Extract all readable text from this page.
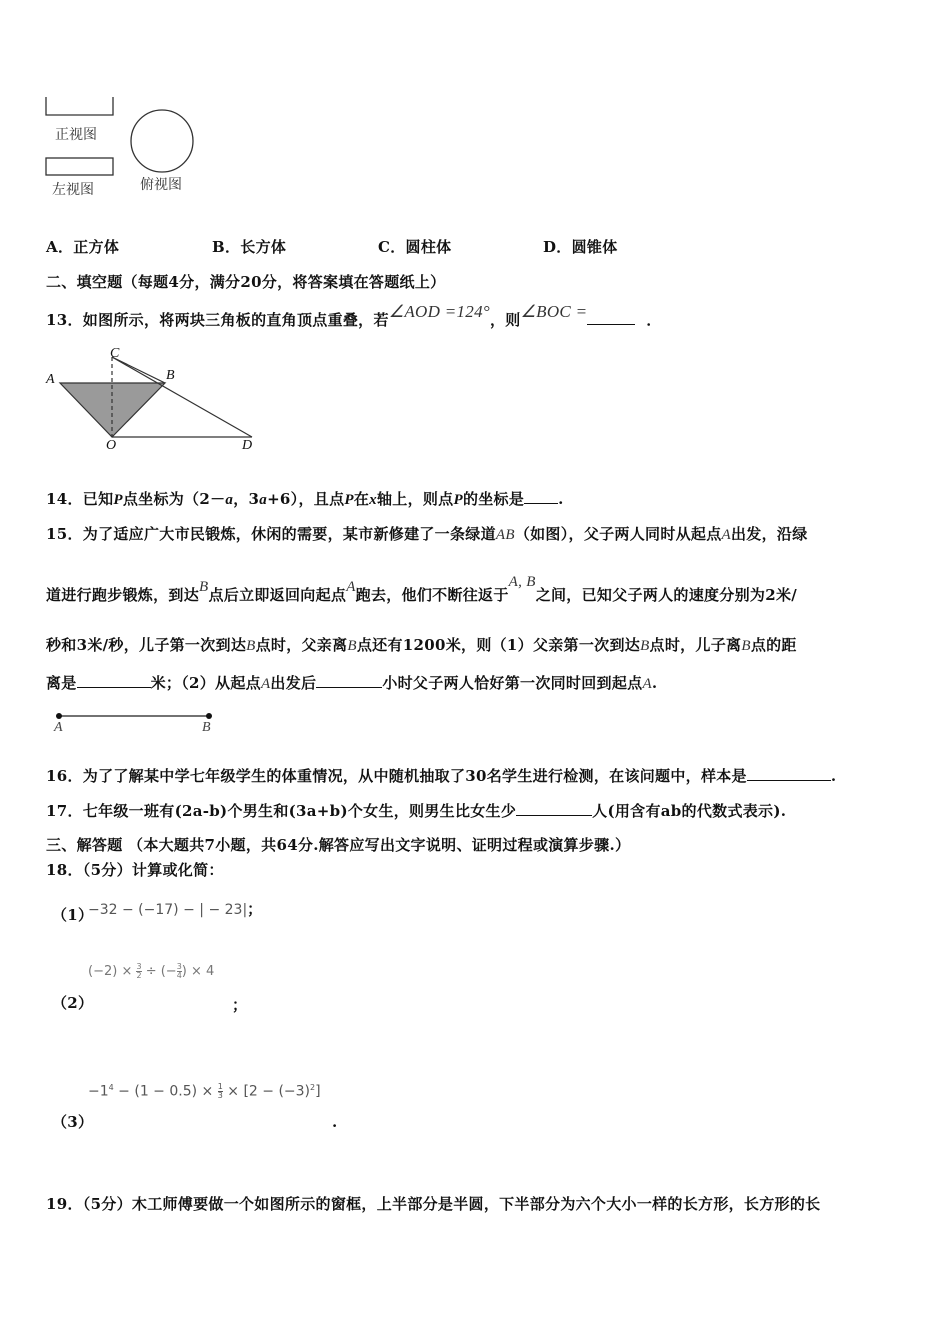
正视图
左视图	俯视图
A．正方体	B．长方体	C．圆柱体	D．圆锥体
二、填空题（每题4分，满分20分，将答案填在答题纸上）
13．如图所示，将两块三角板的直角顶点重叠，若∠AOD =124°，则∠BOC =	．
A	B
C
O	D
14．已知P点坐标为（2－a，3a+6），且点P在x轴上，则点P的坐标是 .
15．为了适应广大市民锻炼，休闲的需要，某市新修建了一条绿道AB（如图），父子两人同时从起点A出发，沿绿
道进行跑步锻炼，到达B点后立即返回向起点A跑去，他们不断往返于A, B之间，已知父子两人的速度分别为2米/
秒和3米/秒，儿子第一次到达B点时，父亲离B点还有1200米，则（1）父亲第一次到达B点时，儿子离B点的距
离是	米；（2）从起点A出发后	小时父子两人恰好第一次同时回到起点A.
A	B
16．为了了解某中学七年级学生的体重情况，从中随机抽取了30名学生进行检测，在该问题中，样本是	.
17．七年级一班有(2a-b)个男生和(3a+b)个女生，则男生比女生少	人(用含有ab的代数式表示).
三、解答题 （本大题共7小题，共64分.解答应写出文字说明、证明过程或演算步骤.）
18．（5分）计算或化简：
（1）
−32 − (−17) − | − 23|；
（2）
$(-2) \times \frac{3}{2}$ ÷ (− $\frac{3}{4}$ ) × 4
；
（3）
$-1^4 - (1 - 0.5) \times \frac{1}{3} \times [2 - (-3)^2]$
.
19．（5分）木工师傅要做一个如图所示的窗框，上半部分是半圆，下半部分为六个大小一样的长方形，长方形的长
